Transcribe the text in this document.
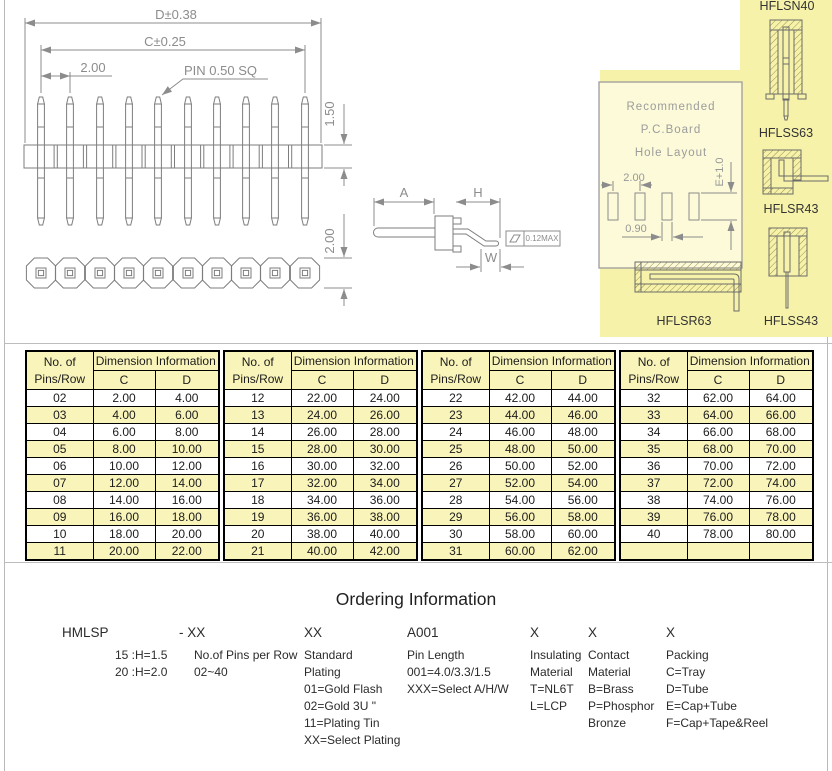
D±0.38
C±0.25
2.00	PIN 0.50 SQ
1.50
2.00
A	H
0.12MAX
W
Recommended
P.C.Board
Hole Layout
2.00
0.90
E+1.0
HFLSN40
HFLSS63
HFLSR43
HFLSR63	HFLSS43
No. of
Pins/Row	Dimension Information	
	C	D
02	2.00	4.00
03	4.00	6.00
04	6.00	8.00
05	8.00	10.00
06	10.00	12.00
07	12.00	14.00
08	14.00	16.00
09	16.00	18.00
10	18.00	20.00
11	20.00	22.00
No. of
Pins/Row	Dimension Information	
	C	D
12	22.00	24.00
13	24.00	26.00
14	26.00	28.00
15	28.00	30.00
16	30.00	32.00
17	32.00	34.00
18	34.00	36.00
19	36.00	38.00
20	38.00	40.00
21	40.00	42.00
No. of
Pins/Row	Dimension Information	
	C	D
22	42.00	44.00
23	44.00	46.00
24	46.00	48.00
25	48.00	50.00
26	50.00	52.00
27	52.00	54.00
28	54.00	56.00
29	56.00	58.00
30	58.00	60.00
31	60.00	62.00
No. of
Pins/Row	Dimension Information	
	C	D
32	62.00	64.00
33	64.00	66.00
34	66.00	68.00
35	68.00	70.00
36	70.00	72.00
37	72.00	74.00
38	74.00	76.00
39	76.00	78.00
40	78.00	80.00

Ordering Information
HMLSP
15 :H=1.5
20 :H=2.0
- XX
No.of Pins per Row
02~40
XX
Standard
Plating
01=Gold Flash
02=Gold 3U "
11=Plating Tin
XX=Select Plating
A001
Pin Length
001=4.0/3.3/1.5
XXX=Select A/H/W
X
Insulating
Material
T=NL6T
L=LCP
X
Contact
Material
B=Brass
P=Phosphor
Bronze
X
Packing
C=Tray
D=Tube
E=Cap+Tube
F=Cap+Tape&Reel
